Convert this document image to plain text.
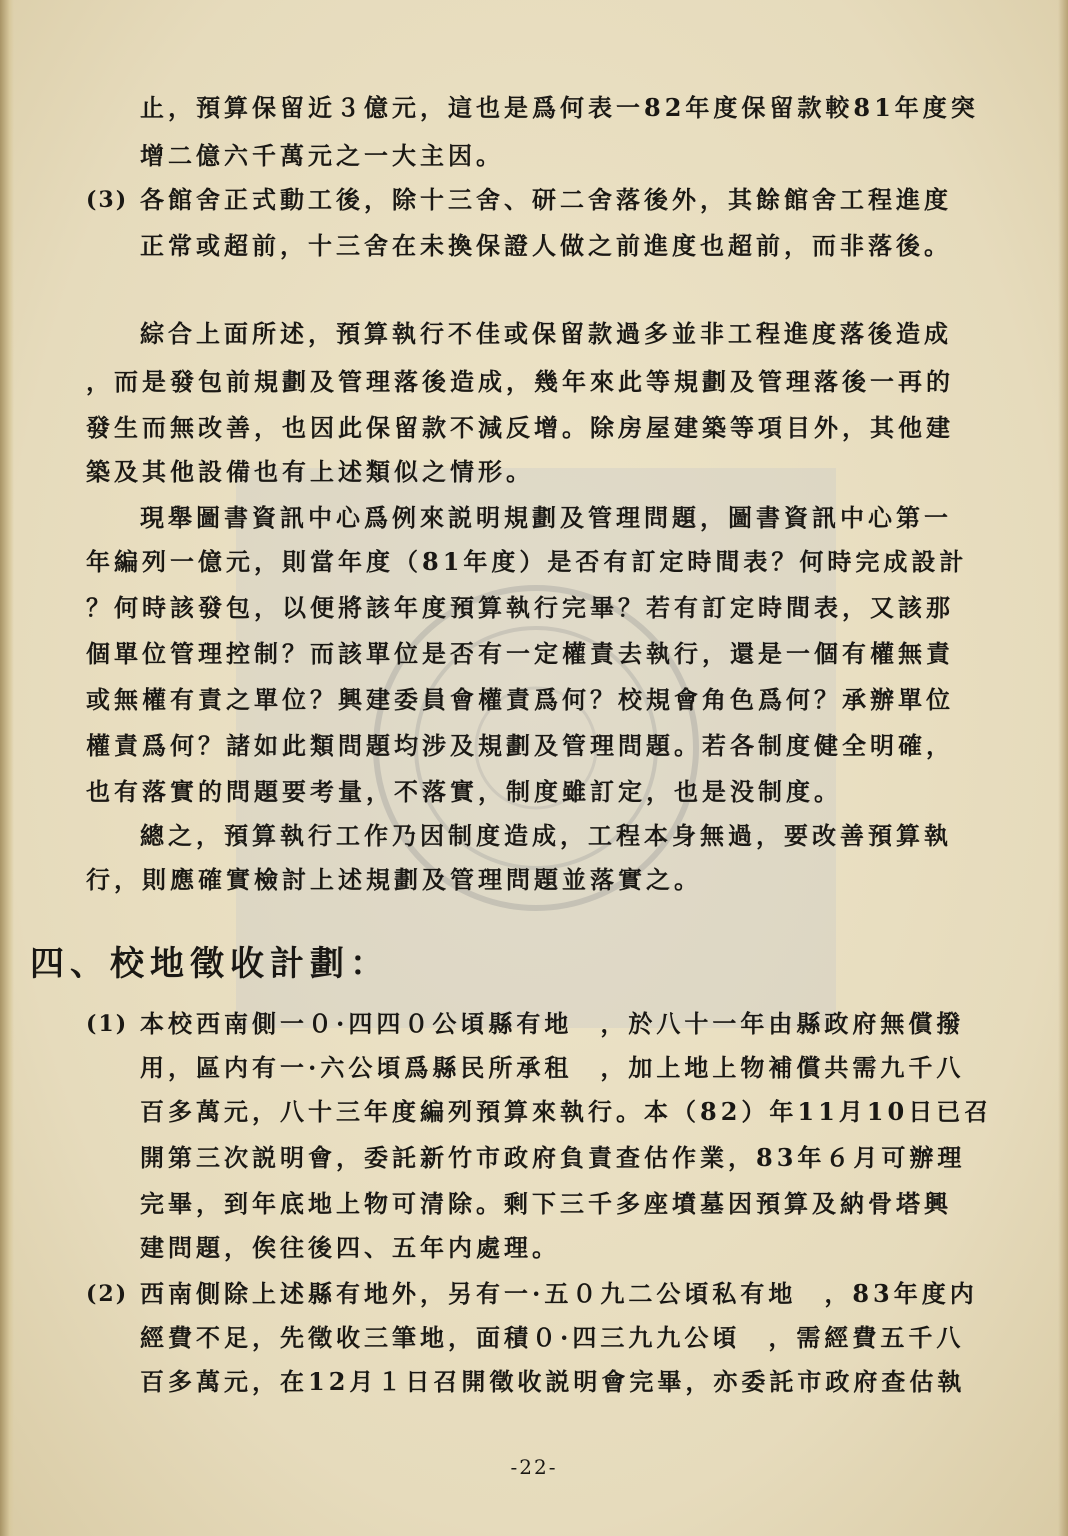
止，預算保留近３億元，這也是爲何表一82年度保留款較81年度突
增二億六千萬元之一大主因。
(3) 各館舍正式動工後，除十三舍、研二舍落後外，其餘館舍工程進度
正常或超前，十三舍在未換保證人做之前進度也超前，而非落後。
綜合上面所述，預算執行不佳或保留款過多並非工程進度落後造成
，而是發包前規劃及管理落後造成，幾年來此等規劃及管理落後一再的
發生而無改善，也因此保留款不減反增。除房屋建築等項目外，其他建
築及其他設備也有上述類似之情形。
現舉圖書資訊中心爲例來説明規劃及管理問題，圖書資訊中心第一
年編列一億元，則當年度（81年度）是否有訂定時間表？何時完成設計
？何時該發包，以便將該年度預算執行完畢？若有訂定時間表，又該那
個單位管理控制？而該單位是否有一定權責去執行，還是一個有權無責
或無權有責之單位？興建委員會權責爲何？校規會角色爲何？承辦單位
權責爲何？諸如此類問題均涉及規劃及管理問題。若各制度健全明確，
也有落實的問題要考量，不落實，制度雖訂定，也是没制度。
總之，預算執行工作乃因制度造成，工程本身無過，要改善預算執
行，則應確實檢討上述規劃及管理問題並落實之。
四、校地徵收計劃：
(1) 本校西南側一０·四四０公頃縣有地　，於八十一年由縣政府無償撥
用，區内有一·六公頃爲縣民所承租　，加上地上物補償共需九千八
百多萬元，八十三年度編列預算來執行。本（82）年11月10日已召
開第三次説明會，委託新竹市政府負責查估作業，83年６月可辦理
完畢，到年底地上物可清除。剩下三千多座墳墓因預算及納骨塔興
建問題，俟往後四、五年内處理。
(2) 西南側除上述縣有地外，另有一·五０九二公頃私有地　，83年度内
經費不足，先徵收三筆地，面積０·四三九九公頃　，需經費五千八
百多萬元，在12月１日召開徵收説明會完畢，亦委託市政府查估執
-22-
